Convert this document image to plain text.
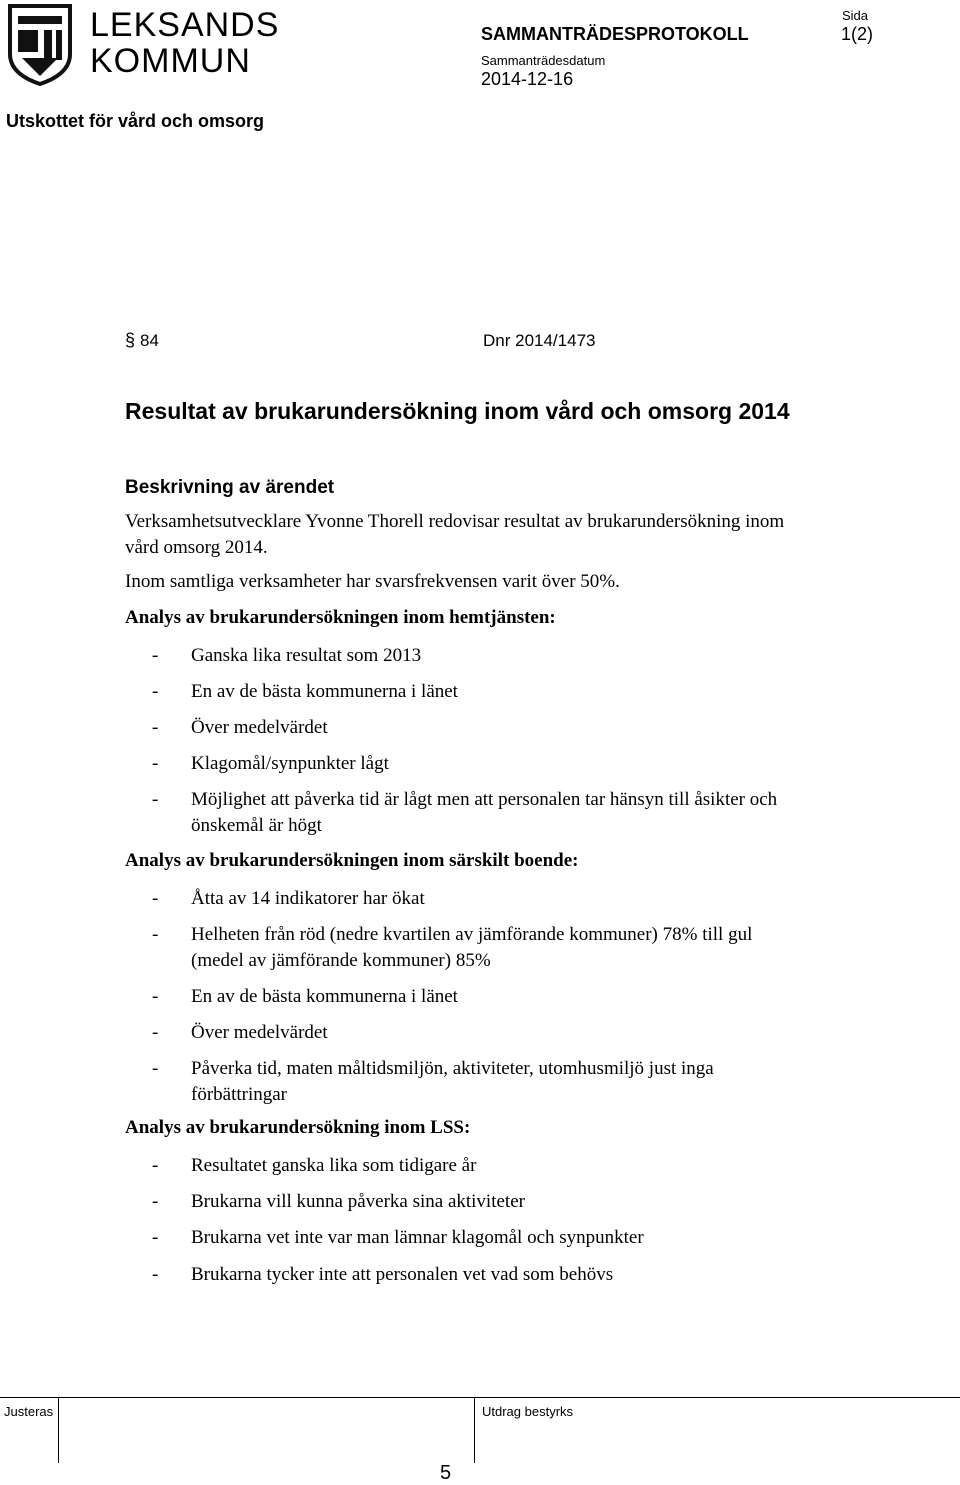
LEKSANDS
KOMMUN
SAMMANTRÄDESPROTOKOLL
Sida
1(2)
Sammanträdesdatum
2014-12-16
Utskottet för vård och omsorg
§ 84	Dnr 2014/1473
Resultat av brukarundersökning inom vård och omsorg 2014
Beskrivning av ärendet
Verksamhetsutvecklare Yvonne Thorell redovisar resultat av brukarundersökning inom vård omsorg 2014.
Inom samtliga verksamheter har svarsfrekvensen varit över 50%.
Analys av brukarundersökningen inom hemtjänsten:
- Ganska lika resultat som 2013
- En av de bästa kommunerna i länet
- Över medelvärdet
- Klagomål/synpunkter lågt
- Möjlighet att påverka tid är lågt men att personalen tar hänsyn till åsikter och önskemål är högt
Analys av brukarundersökningen inom särskilt boende:
- Åtta av 14 indikatorer har ökat
- Helheten från röd (nedre kvartilen av jämförande kommuner) 78% till gul (medel av jämförande kommuner) 85%
- En av de bästa kommunerna i länet
- Över medelvärdet
- Påverka tid, maten måltidsmiljön, aktiviteter, utomhusmiljö just inga förbättringar
Analys av brukarundersökning inom LSS:
- Resultatet ganska lika som tidigare år
- Brukarna vill kunna påverka sina aktiviteter
- Brukarna vet inte var man lämnar klagomål och synpunkter
- Brukarna tycker inte att personalen vet vad som behövs
Justeras	Utdrag bestyrks
5
